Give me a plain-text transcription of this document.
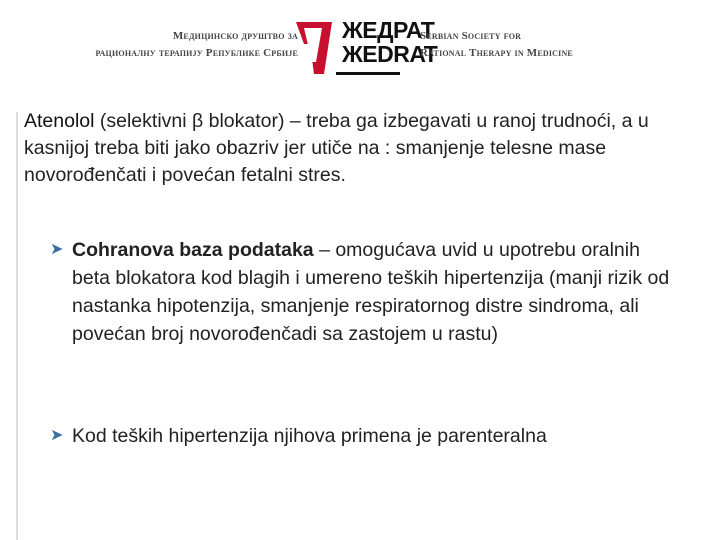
Медицинско друштво за
рационалну терапију Републике Србије
ЖЕДРАТ
ЖEDRAT
Serbian Society for
Rational Therapy in Medicine
Atenolol (selektivni β blokator) – treba ga izbegavati u ranoj trudnoći, a u kasnijoj treba biti jako obazriv jer utiče na : smanjenje telesne mase novorođenčati i povećan fetalni stres.
➤ Cohranova baza podataka – omogućava uvid u upotrebu oralnih beta blokatora kod blagih i umereno teških hipertenzija (manji rizik od nastanka hipotenzija, smanjenje respiratornog distre sindroma, ali povećan broj novorođenčadi sa zastojem u rastu)
➤ Kod teških hipertenzija njihova primena je parenteralna
